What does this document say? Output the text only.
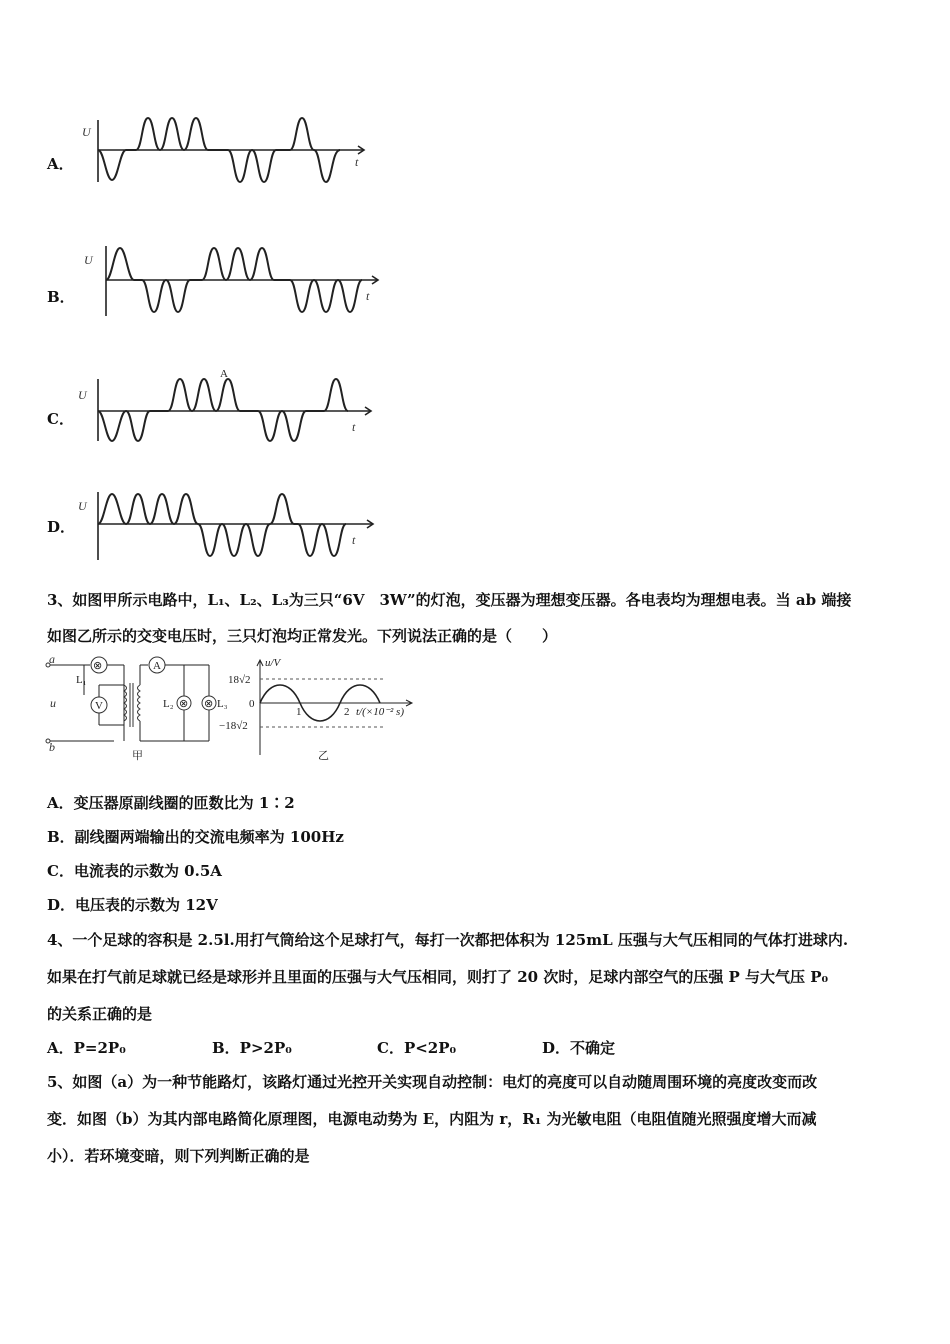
A．
U
t
B．
U
t
C．
U
t
A
D．
U
t
3、如图甲所示电路中，L₁、L₂、L₃为三只“6V　3W”的灯泡，变压器为理想变压器。各电表均为理想电表。当 ab 端接
如图乙所示的交变电压时，三只灯泡均正常发光。下列说法正确的是（　　）
a
b
u
⊗
L₁
V
A
⊗ ⊗
L₂	L₃
甲
u/V
18√2
0
−18√2
1	2 t/(×10⁻² s)
乙
A．变压器原副线圈的匝数比为 1∶2
B．副线圈两端输出的交流电频率为 100Hz
C．电流表的示数为 0.5A
D．电压表的示数为 12V
4、一个足球的容积是 2.5l.用打气筒给这个足球打气，每打一次都把体积为 125mL 压强与大气压相同的气体打进球内.
如果在打气前足球就已经是球形并且里面的压强与大气压相同，则打了 20 次时，足球内部空气的压强 P 与大气压 P₀
的关系正确的是
A．P=2P₀	B．P>2P₀	C．P<2P₀	D．不确定
5、如图（a）为一种节能路灯，该路灯通过光控开关实现自动控制：电灯的亮度可以自动随周围环境的亮度改变而改
变．如图（b）为其内部电路简化原理图，电源电动势为 E，内阻为 r，R₁ 为光敏电阻（电阻值随光照强度增大而减
小）．若环境变暗，则下列判断正确的是
